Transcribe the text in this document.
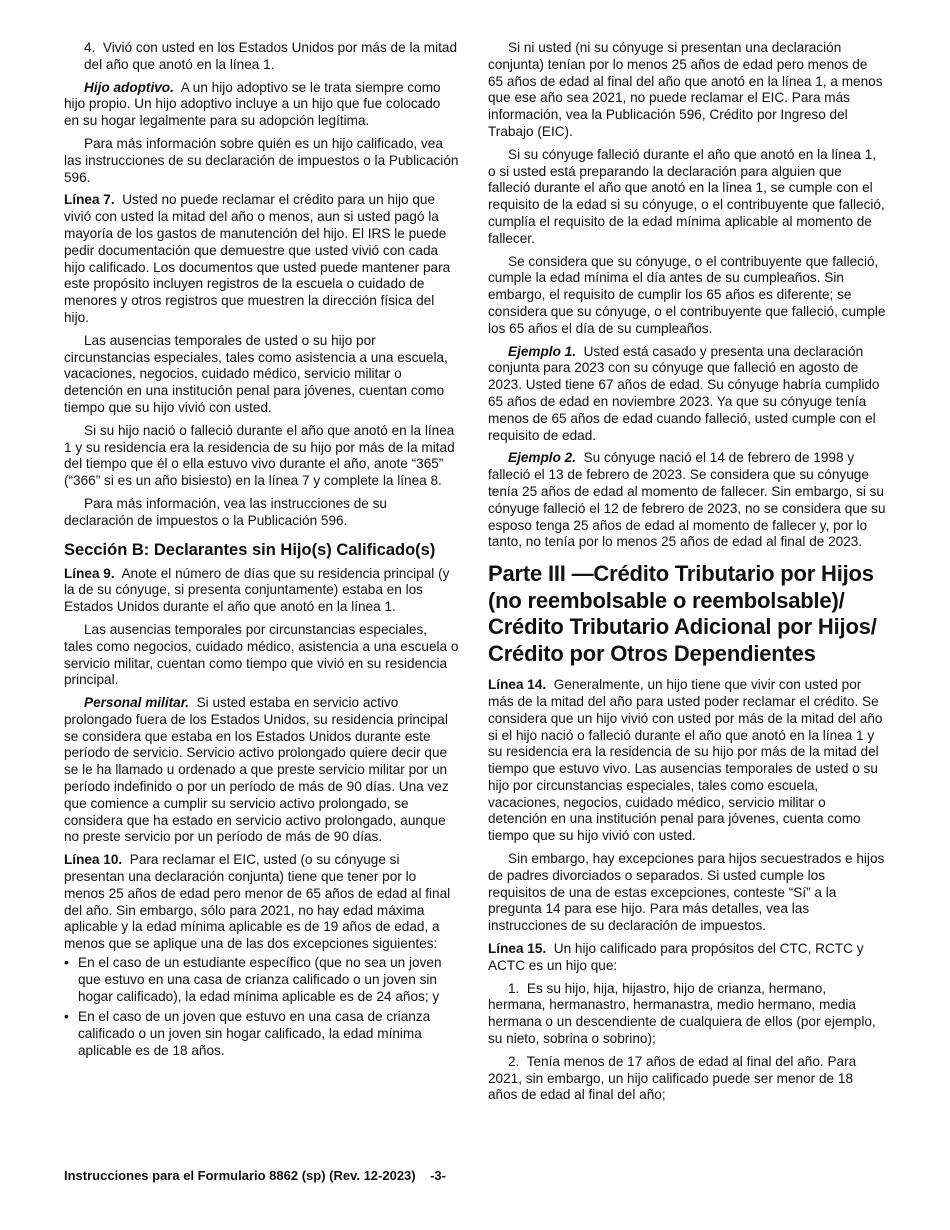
4. Vivió con usted en los Estados Unidos por más de la mitad del año que anotó en la línea 1.

Hijo adoptivo. A un hijo adoptivo se le trata siempre como hijo propio. Un hijo adoptivo incluye a un hijo que fue colocado en su hogar legalmente para su adopción legítima.

Para más información sobre quién es un hijo calificado, vea las instrucciones de su declaración de impuestos o la Publicación 596.

Línea 7. Usted no puede reclamar el crédito para un hijo que vivió con usted la mitad del año o menos, aun si usted pagó la mayoría de los gastos de manutención del hijo. El IRS le puede pedir documentación que demuestre que usted vivió con cada hijo calificado. Los documentos que usted puede mantener para este propósito incluyen registros de la escuela o cuidado de menores y otros registros que muestren la dirección física del hijo.

Las ausencias temporales de usted o su hijo por circunstancias especiales, tales como asistencia a una escuela, vacaciones, negocios, cuidado médico, servicio militar o detención en una institución penal para jóvenes, cuentan como tiempo que su hijo vivió con usted.

Si su hijo nació o falleció durante el año que anotó en la línea 1 y su residencia era la residencia de su hijo por más de la mitad del tiempo que él o ella estuvo vivo durante el año, anote “365” (“366” si es un año bisiesto) en la línea 7 y complete la línea 8.

Para más información, vea las instrucciones de su declaración de impuestos o la Publicación 596.

Sección B: Declarantes sin Hijo(s) Calificado(s)

Línea 9. Anote el número de días que su residencia principal (y la de su cónyuge, si presenta conjuntamente) estaba en los Estados Unidos durante el año que anotó en la línea 1.

Las ausencias temporales por circunstancias especiales, tales como negocios, cuidado médico, asistencia a una escuela o servicio militar, cuentan como tiempo que vivió en su residencia principal.

Personal militar. Si usted estaba en servicio activo prolongado fuera de los Estados Unidos, su residencia principal se considera que estaba en los Estados Unidos durante este período de servicio. Servicio activo prolongado quiere decir que se le ha llamado u ordenado a que preste servicio militar por un período indefinido o por un período de más de 90 días. Una vez que comience a cumplir su servicio activo prolongado, se considera que ha estado en servicio activo prolongado, aunque no preste servicio por un período de más de 90 días.

Línea 10. Para reclamar el EIC, usted (o su cónyuge si presentan una declaración conjunta) tiene que tener por lo menos 25 años de edad pero menor de 65 años de edad al final del año. Sin embargo, sólo para 2021, no hay edad máxima aplicable y la edad mínima aplicable es de 19 años de edad, a menos que se aplique una de las dos excepciones siguientes:

• En el caso de un estudiante específico (que no sea un joven que estuvo en una casa de crianza calificado o un joven sin hogar calificado), la edad mínima aplicable es de 24 años; y
• En el caso de un joven que estuvo en una casa de crianza calificado o un joven sin hogar calificado, la edad mínima aplicable es de 18 años.

Si ni usted (ni su cónyuge si presentan una declaración conjunta) tenían por lo menos 25 años de edad pero menos de 65 años de edad al final del año que anotó en la línea 1, a menos que ese año sea 2021, no puede reclamar el EIC. Para más información, vea la Publicación 596, Crédito por Ingreso del Trabajo (EIC).

Si su cónyuge falleció durante el año que anotó en la línea 1, o si usted está preparando la declaración para alguien que falleció durante el año que anotó en la línea 1, se cumple con el requisito de la edad si su cónyuge, o el contribuyente que falleció, cumplía el requisito de la edad mínima aplicable al momento de fallecer.

Se considera que su cónyuge, o el contribuyente que falleció, cumple la edad mínima el día antes de su cumpleaños. Sin embargo, el requisito de cumplir los 65 años es diferente; se considera que su cónyuge, o el contribuyente que falleció, cumple los 65 años el día de su cumpleaños.

Ejemplo 1. Usted está casado y presenta una declaración conjunta para 2023 con su cónyuge que falleció en agosto de 2023. Usted tiene 67 años de edad. Su cónyuge habría cumplido 65 años de edad en noviembre 2023. Ya que su cónyuge tenía menos de 65 años de edad cuando falleció, usted cumple con el requisito de edad.

Ejemplo 2. Su cónyuge nació el 14 de febrero de 1998 y falleció el 13 de febrero de 2023. Se considera que su cónyuge tenía 25 años de edad al momento de fallecer. Sin embargo, si su cónyuge falleció el 12 de febrero de 2023, no se considera que su esposo tenga 25 años de edad al momento de fallecer y, por lo tanto, no tenía por lo menos 25 años de edad al final de 2023.

Parte III —Crédito Tributario por Hijos (no reembolsable o reembolsable)/ Crédito Tributario Adicional por Hijos/ Crédito por Otros Dependientes

Línea 14. Generalmente, un hijo tiene que vivir con usted por más de la mitad del año para usted poder reclamar el crédito. Se considera que un hijo vivió con usted por más de la mitad del año si el hijo nació o falleció durante el año que anotó en la línea 1 y su residencia era la residencia de su hijo por más de la mitad del tiempo que estuvo vivo. Las ausencias temporales de usted o su hijo por circunstancias especiales, tales como escuela, vacaciones, negocios, cuidado médico, servicio militar o detención en una institución penal para jóvenes, cuenta como tiempo que su hijo vivió con usted.

Sin embargo, hay excepciones para hijos secuestrados e hijos de padres divorciados o separados. Si usted cumple los requisitos de una de estas excepciones, conteste “Sí” a la pregunta 14 para ese hijo. Para más detalles, vea las instrucciones de su declaración de impuestos.

Línea 15. Un hijo calificado para propósitos del CTC, RCTC y ACTC es un hijo que:

1. Es su hijo, hija, hijastro, hijo de crianza, hermano, hermana, hermanastro, hermanastra, medio hermano, media hermana o un descendiente de cualquiera de ellos (por ejemplo, su nieto, sobrina o sobrino);

2. Tenía menos de 17 años de edad al final del año. Para 2021, sin embargo, un hijo calificado puede ser menor de 18 años de edad al final del año;

Instrucciones para el Formulario 8862 (sp) (Rev. 12-2023) -3-
